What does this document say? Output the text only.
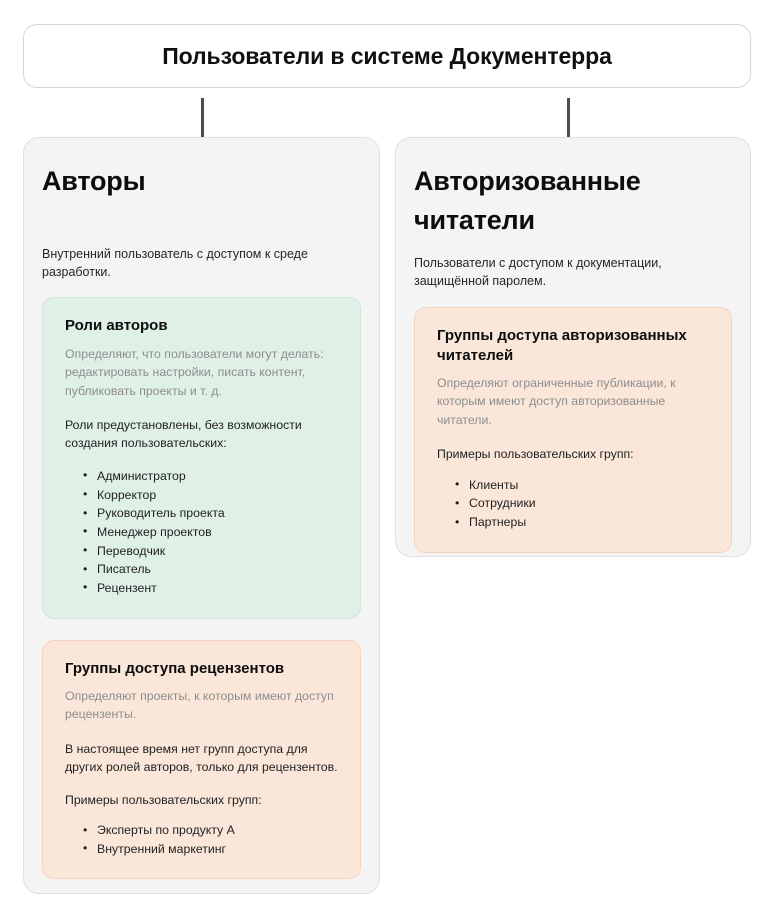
Пользователи в системе Документерра
Авторы
Внутренний пользователь с доступом к среде разработки.
Роли авторов

Определяют, что пользователи могут делать: редактировать настройки, писать контент, публиковать проекты и т. д.

Роли предустановлены, без возможности создания пользовательских:

• Администратор
• Корректор
• Руководитель проекта
• Менеджер проектов
• Переводчик
• Писатель
• Рецензент
Группы доступа рецензентов

Определяют проекты, к которым имеют доступ рецензенты.

В настоящее время нет групп доступа для других ролей авторов, только для рецензентов.

Примеры пользовательских групп:

• Эксперты по продукту A
• Внутренний маркетинг
Авторизованные читатели
Пользователи с доступом к документации, защищённой паролем.
Группы доступа авторизованных читателей

Определяют ограниченные публикации, к которым имеют доступ авторизованные читатели.

Примеры пользовательских групп:

• Клиенты
• Сотрудники
• Партнеры
